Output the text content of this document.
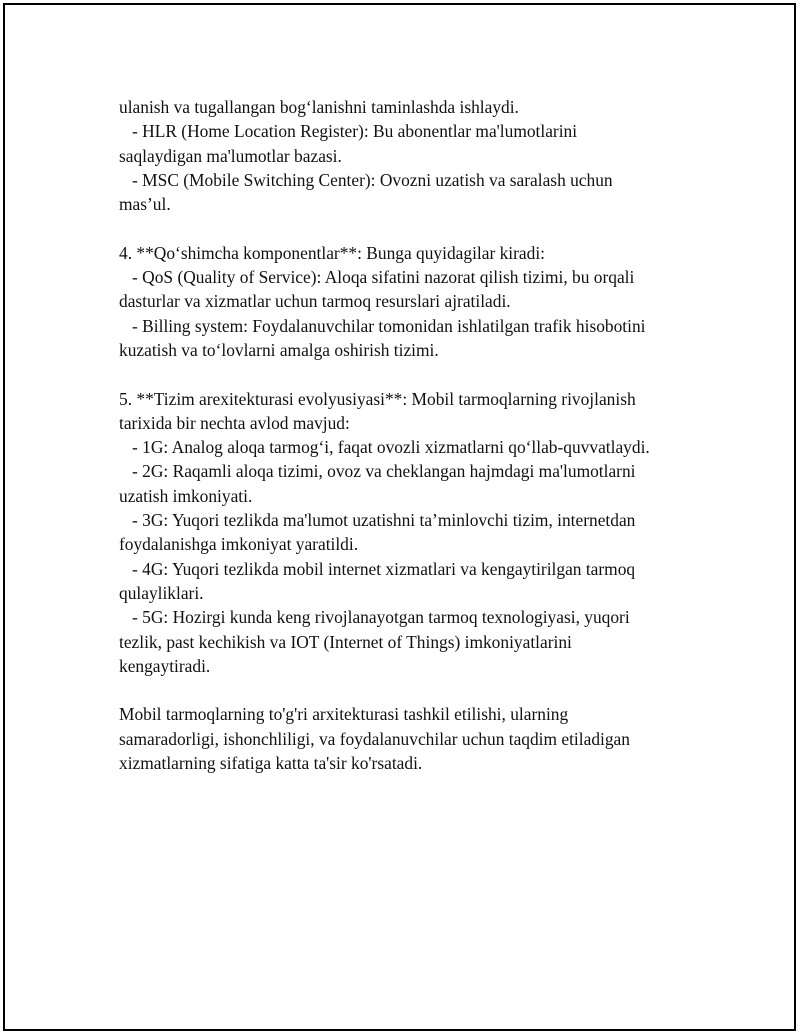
ulanish va tugallangan bog‘lanishni taminlashda ishlaydi.
- HLR (Home Location Register): Bu abonentlar ma'lumotlarini
saqlaydigan ma'lumotlar bazasi.
- MSC (Mobile Switching Center): Ovozni uzatish va saralash uchun
mas’ul.
4. **Qo‘shimcha komponentlar**: Bunga quyidagilar kiradi:
- QoS (Quality of Service): Aloqa sifatini nazorat qilish tizimi, bu orqali
dasturlar va xizmatlar uchun tarmoq resurslari ajratiladi.
- Billing system: Foydalanuvchilar tomonidan ishlatilgan trafik hisobotini
kuzatish va to‘lovlarni amalga oshirish tizimi.
5. **Tizim arexitekturasi evolyusiyasi**: Mobil tarmoqlarning rivojlanish
tarixida bir nechta avlod mavjud:
- 1G: Analog aloqa tarmog‘i, faqat ovozli xizmatlarni qo‘llab-quvvatlaydi.
- 2G: Raqamli aloqa tizimi, ovoz va cheklangan hajmdagi ma'lumotlarni
uzatish imkoniyati.
- 3G: Yuqori tezlikda ma'lumot uzatishni ta’minlovchi tizim, internetdan
foydalanishga imkoniyat yaratildi.
- 4G: Yuqori tezlikda mobil internet xizmatlari va kengaytirilgan tarmoq
qulayliklari.
- 5G: Hozirgi kunda keng rivojlanayotgan tarmoq texnologiyasi, yuqori
tezlik, past kechikish va IOT (Internet of Things) imkoniyatlarini
kengaytiradi.
Mobil tarmoqlarning to'g'ri arxitekturasi tashkil etilishi, ularning
samaradorligi, ishonchliligi, va foydalanuvchilar uchun taqdim etiladigan
xizmatlarning sifatiga katta ta'sir ko'rsatadi.
